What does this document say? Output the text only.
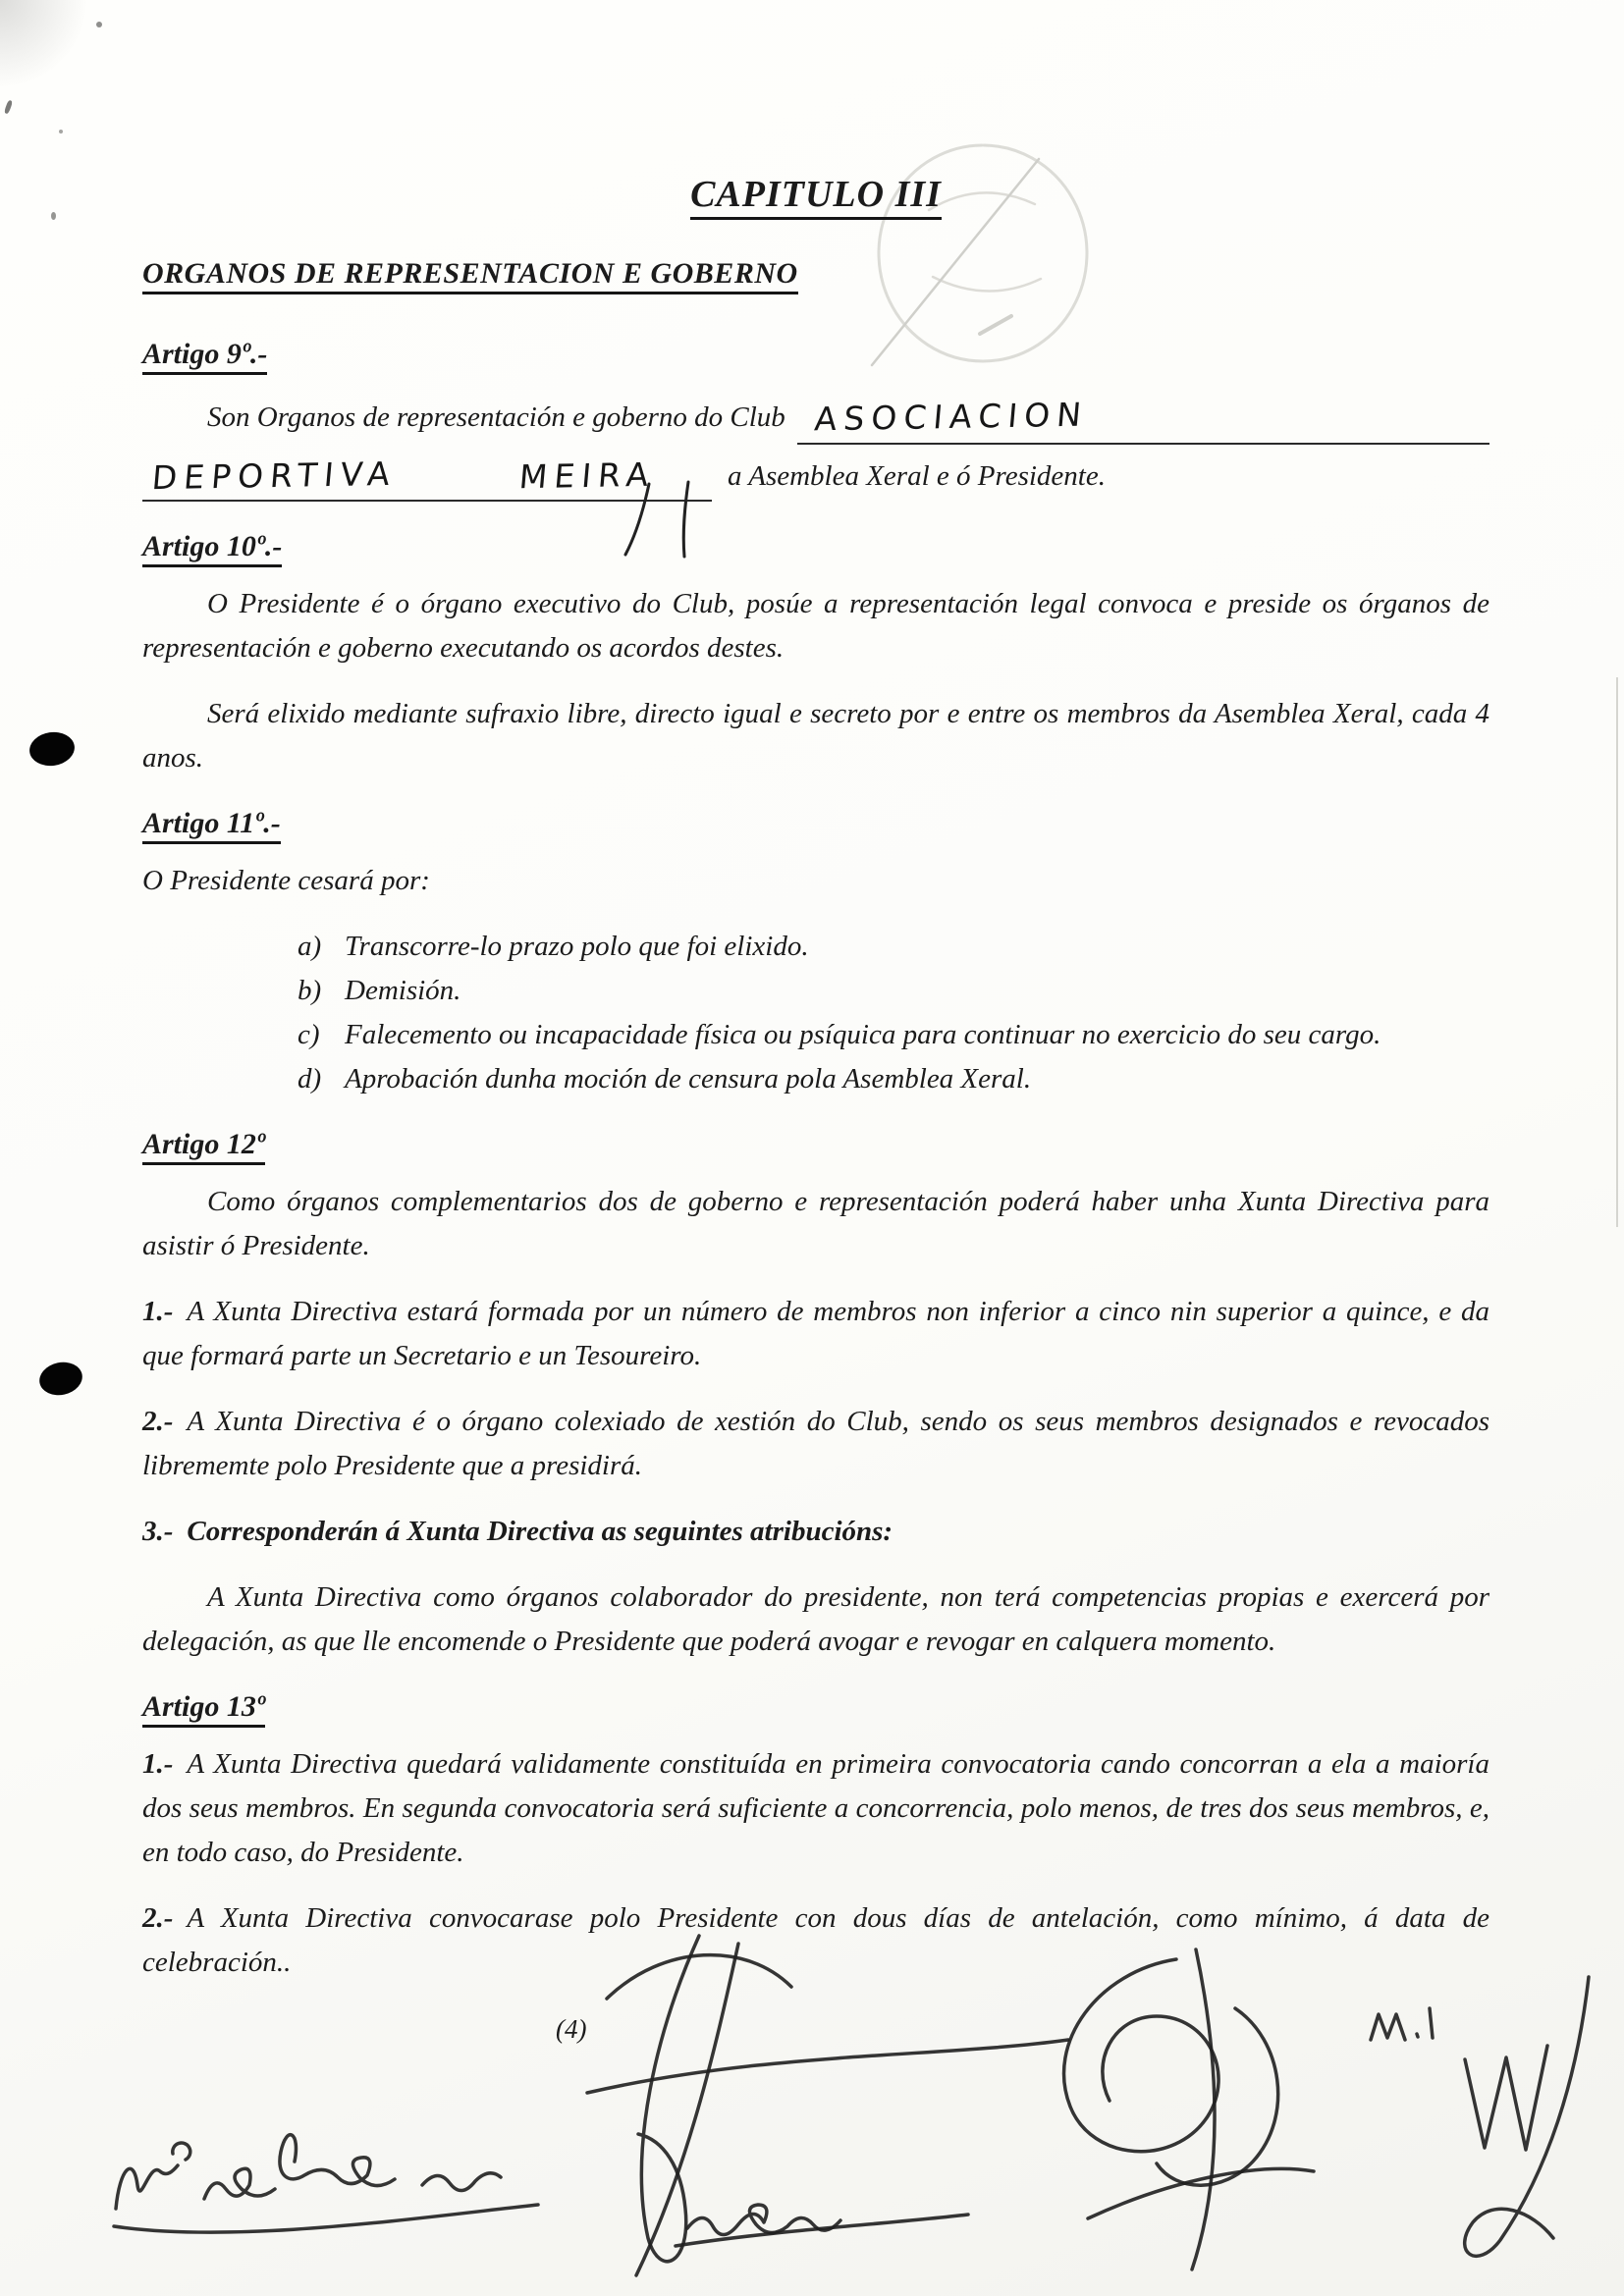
CAPITULO III
ORGANOS DE REPRESENTACION E GOBERNO
Artigo 9º.-
Son Organos de representación e goberno do Club ASOCIACION
DEPORTIVA	MEIRA a Asemblea Xeral e ó Presidente.
Artigo 10º.-

O Presidente é o órgano executivo do Club, posúe a representación legal convoca e preside os órganos de representación e goberno executando os acordos destes.

Será elixido mediante sufraxio libre, directo igual e secreto por e entre os membros da Asemblea Xeral, cada 4 anos.

Artigo 11º.-

O Presidente cesará por:

a) Transcorre-lo prazo polo que foi elixido.
b) Demisión.
c) Falecemento ou incapacidade física ou psíquica para continuar no exercicio do seu cargo.
d) Aprobación dunha moción de censura pola Asemblea Xeral.
Artigo 12º

Como órganos complementarios dos de goberno e representación poderá haber unha Xunta Directiva para asistir ó Presidente.

1.- A Xunta Directiva estará formada por un número de membros non inferior a cinco nin superior a quince, e da que formará parte un Secretario e un Tesoureiro.

2.- A Xunta Directiva é o órgano colexiado de xestión do Club, sendo os seus membros designados e revocados librememte polo Presidente que a presidirá.

3.- Corresponderán á Xunta Directiva as seguintes atribucións:

A Xunta Directiva como órganos colaborador do presidente, non terá competencias propias e exercerá por delegación, as que lle encomende o Presidente que poderá avogar e revogar en calquera momento.

Artigo 13º

1.- A Xunta Directiva quedará validamente constituída en primeira convocatoria cando concorran a ela a maioría dos seus membros. En segunda convocatoria será suficiente a concorrencia, polo menos, de tres dos seus membros, e, en todo caso, do Presidente.

2.- A Xunta Directiva convocarase polo Presidente con dous días de antelación, como mínimo, á data de celebración..

(4)
